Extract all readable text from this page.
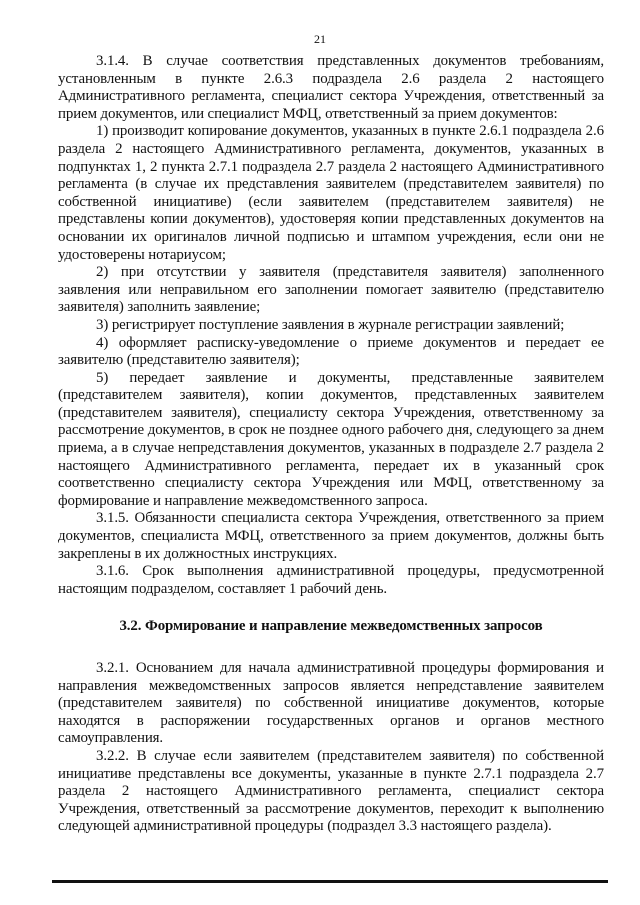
21

3.1.4. В случае соответствия представленных документов требованиям, установленным в пункте 2.6.3 подраздела 2.6 раздела 2 настоящего Административного регламента, специалист сектора Учреждения, ответственный за прием документов, или специалист МФЦ, ответственный за прием документов:

1) производит копирование документов, указанных в пункте 2.6.1 подраздела 2.6 раздела 2 настоящего Административного регламента, документов, указанных в подпунктах 1, 2 пункта 2.7.1 подраздела 2.7 раздела 2 настоящего Административного регламента (в случае их представления заявителем (представителем заявителя) по собственной инициативе) (если заявителем (представителем заявителя) не представлены копии документов), удостоверяя копии представленных документов на основании их оригиналов личной подписью и штампом учреждения, если они не удостоверены нотариусом;

2) при отсутствии у заявителя (представителя заявителя) заполненного заявления или неправильном его заполнении помогает заявителю (представителю заявителя) заполнить заявление;

3) регистрирует поступление заявления в журнале регистрации заявлений;

4) оформляет расписку-уведомление о приеме документов и передает ее заявителю (представителю заявителя);

5) передает заявление и документы, представленные заявителем (представителем заявителя), копии документов, представленных заявителем (представителем заявителя), специалисту сектора Учреждения, ответственному за рассмотрение документов, в срок не позднее одного рабочего дня, следующего за днем приема, а в случае непредставления документов, указанных в подразделе 2.7 раздела 2 настоящего Административного регламента, передает их в указанный срок соответственно специалисту сектора Учреждения или МФЦ, ответственному за формирование и направление межведомственного запроса.

3.1.5. Обязанности специалиста сектора Учреждения, ответственного за прием документов, специалиста МФЦ, ответственного за прием документов, должны быть закреплены в их должностных инструкциях.

3.1.6. Срок выполнения административной процедуры, предусмотренной настоящим подразделом, составляет 1 рабочий день.

3.2. Формирование и направление межведомственных запросов

3.2.1. Основанием для начала административной процедуры формирования и направления межведомственных запросов является непредставление заявителем (представителем заявителя) по собственной инициативе документов, которые находятся в распоряжении государственных органов и органов местного самоуправления.

3.2.2. В случае если заявителем (представителем заявителя) по собственной инициативе представлены все документы, указанные в пункте 2.7.1 подраздела 2.7 раздела 2 настоящего Административного регламента, специалист сектора Учреждения, ответственный за рассмотрение документов, переходит к выполнению следующей административной процедуры (подраздел 3.3 настоящего раздела).
